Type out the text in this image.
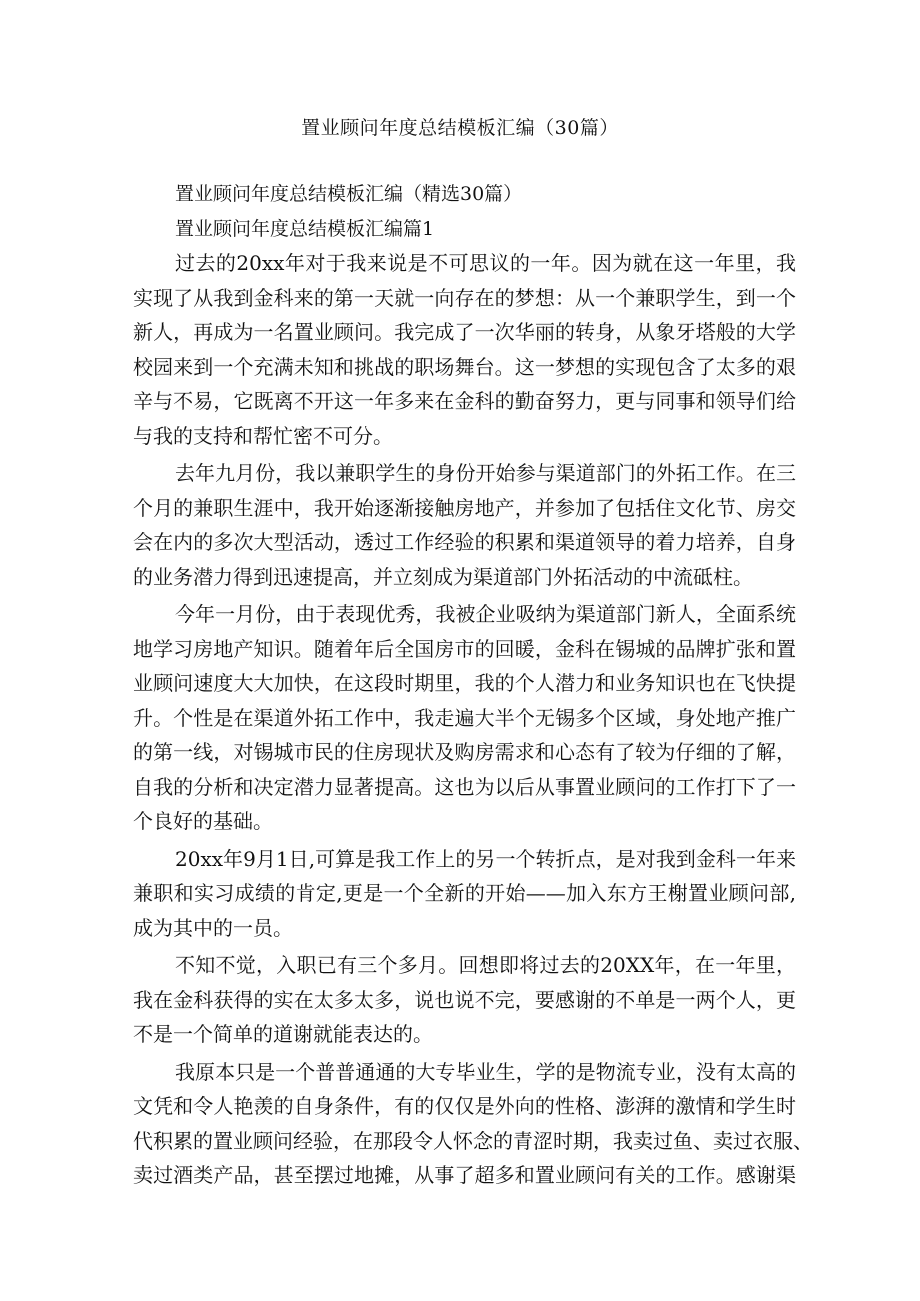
置业顾问年度总结模板汇编（30篇）
置业顾问年度总结模板汇编（精选30篇）
置业顾问年度总结模板汇编篇1
过去的20xx年对于我来说是不可思议的一年。因为就在这一年里，我
实现了从我到金科来的第一天就一向存在的梦想：从一个兼职学生，到一个
新人，再成为一名置业顾问。我完成了一次华丽的转身，从象牙塔般的大学
校园来到一个充满未知和挑战的职场舞台。这一梦想的实现包含了太多的艰
辛与不易，它既离不开这一年多来在金科的勤奋努力，更与同事和领导们给
与我的支持和帮忙密不可分。
去年九月份，我以兼职学生的身份开始参与渠道部门的外拓工作。在三
个月的兼职生涯中，我开始逐渐接触房地产，并参加了包括住文化节、房交
会在内的多次大型活动，透过工作经验的积累和渠道领导的着力培养，自身
的业务潜力得到迅速提高，并立刻成为渠道部门外拓活动的中流砥柱。
今年一月份，由于表现优秀，我被企业吸纳为渠道部门新人，全面系统
地学习房地产知识。随着年后全国房市的回暖，金科在锡城的品牌扩张和置
业顾问速度大大加快，在这段时期里，我的个人潜力和业务知识也在飞快提
升。个性是在渠道外拓工作中，我走遍大半个无锡多个区域，身处地产推广
的第一线，对锡城市民的住房现状及购房需求和心态有了较为仔细的了解，
自我的分析和决定潜力显著提高。这也为以后从事置业顾问的工作打下了一
个良好的基础。
20xx年9月1日,可算是我工作上的另一个转折点，是对我到金科一年来
兼职和实习成绩的肯定,更是一个全新的开始——加入东方王榭置业顾问部,
成为其中的一员。
不知不觉，入职已有三个多月。回想即将过去的20XX年，在一年里，
我在金科获得的实在太多太多，说也说不完，要感谢的不单是一两个人，更
不是一个简单的道谢就能表达的。
我原本只是一个普普通通的大专毕业生，学的是物流专业，没有太高的
文凭和令人艳羡的自身条件，有的仅仅是外向的性格、澎湃的激情和学生时
代积累的置业顾问经验，在那段令人怀念的青涩时期，我卖过鱼、卖过衣服、
卖过酒类产品，甚至摆过地摊，从事了超多和置业顾问有关的工作。感谢渠
